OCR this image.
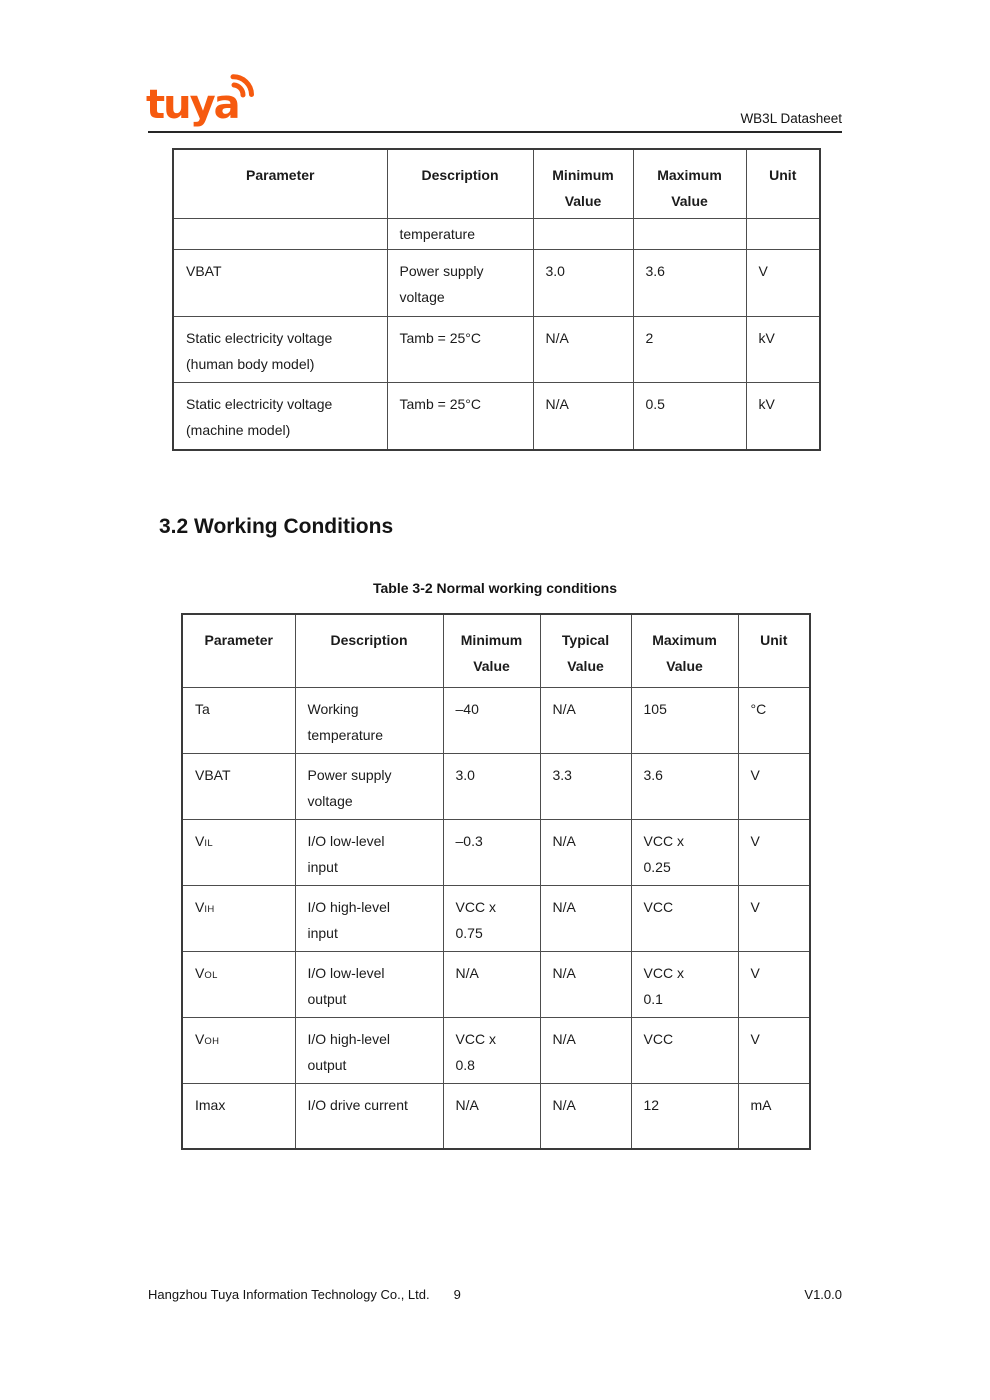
tuya	WB3L Datasheet
Parameter	Description	Minimum Value	Maximum Value	Unit
	temperature			
VBAT	Power supply voltage	3.0	3.6	V
Static electricity voltage (human body model)	Tamb = 25°C	N/A	2	kV
Static electricity voltage (machine model)	Tamb = 25°C	N/A	0.5	kV
3.2 Working Conditions
Table 3-2 Normal working conditions
Parameter	Description	Minimum Value	Typical Value	Maximum Value	Unit
Ta	Working temperature	–40	N/A	105	°C
VBAT	Power supply voltage	3.0	3.3	3.6	V
VIL	I/O low-level input	–0.3	N/A	VCC x 0.25	V
VIH	I/O high-level input	VCC x 0.75	N/A	VCC	V
VOL	I/O low-level output	N/A	N/A	VCC x 0.1	V
VOH	I/O high-level output	VCC x 0.8	N/A	VCC	V
Imax	I/O drive current	N/A	N/A	12	mA
Hangzhou Tuya Information Technology Co., Ltd. 9	V1.0.0
